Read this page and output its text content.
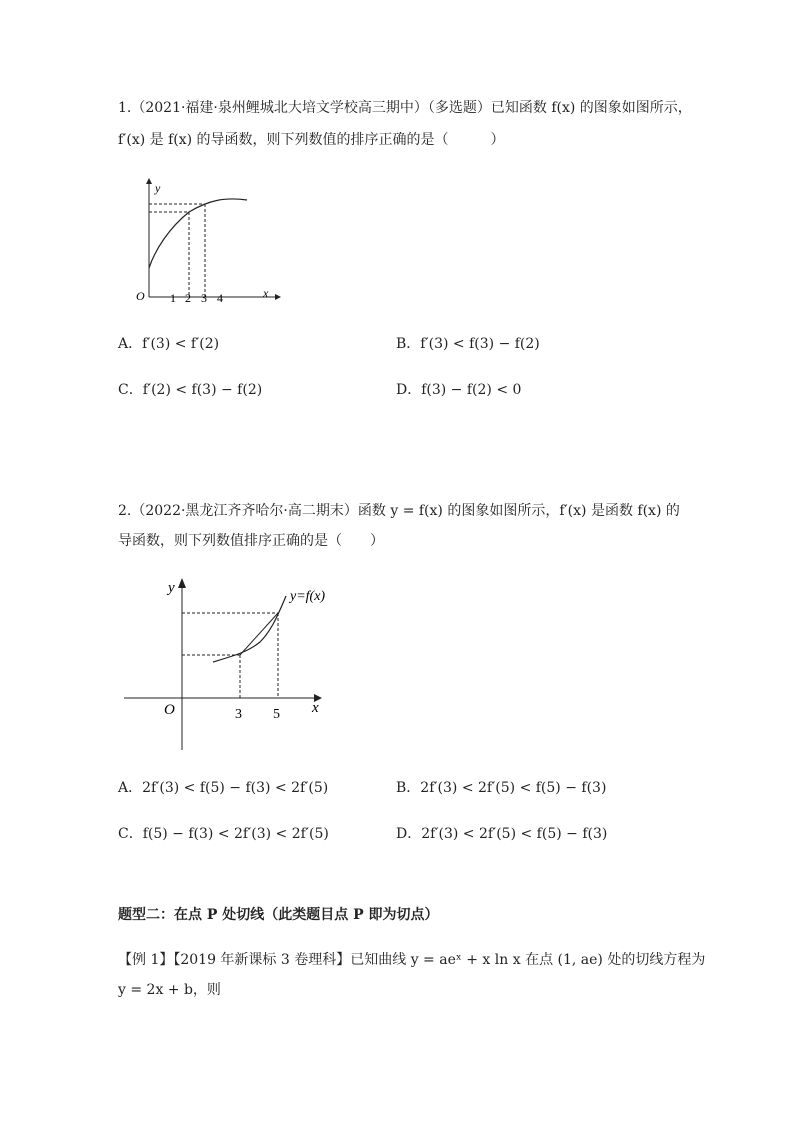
1.（2021·福建·泉州鲤城北大培文学校高三期中）（多选题）已知函数 f(x) 的图象如图所示，
f′(x) 是 f(x) 的导函数，则下列数值的排序正确的是（　　　）
y
x
O 1 2 3 4
A．f′(3) < f′(2)	B．f′(3) < f(3) − f(2)
C．f′(2) < f(3) − f(2)	D．f(3) − f(2) < 0
2.（2022·黑龙江齐齐哈尔·高二期末）函数 y = f(x) 的图象如图所示，f′(x) 是函数 f(x) 的
导函数，则下列数值排序正确的是（　　）
y
x
O
y=f(x)
3 5
A．2f′(3) < f(5) − f(3) < 2f′(5)	B．2f′(3) < 2f′(5) < f(5) − f(3)
C．f(5) − f(3) < 2f′(3) < 2f′(5)	D．2f′(3) < 2f′(5) < f(5) − f(3)
题型二：在点 P 处切线（此类题目点 P 即为切点）
【例 1】【2019 年新课标 3 卷理科】已知曲线 y = aeˣ + x ln x 在点 (1, ae) 处的切线方程为
y = 2x + b，则
